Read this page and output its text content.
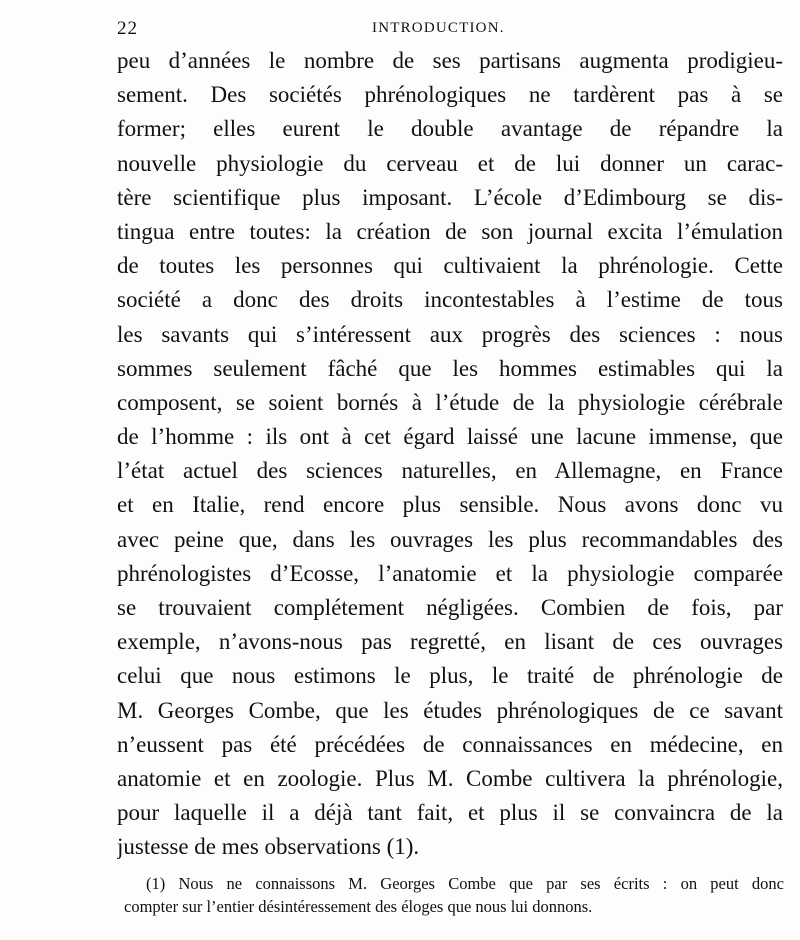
22	INTRODUCTION.
peu d’années le nombre de ses partisans augmenta prodigieu-
sement. Des sociétés phrénologiques ne tardèrent pas à se
former; elles eurent le double avantage de répandre la
nouvelle physiologie du cerveau et de lui donner un carac-
tère scientifique plus imposant. L’école d’Edimbourg se dis-
tingua entre toutes: la création de son journal excita l’émulation
de toutes les personnes qui cultivaient la phrénologie. Cette
société a donc des droits incontestables à l’estime de tous
les savants qui s’intéressent aux progrès des sciences : nous
sommes seulement fâché que les hommes estimables qui la
composent, se soient bornés à l’étude de la physiologie cérébrale
de l’homme : ils ont à cet égard laissé une lacune immense, que
l’état actuel des sciences naturelles, en Allemagne, en France
et en Italie, rend encore plus sensible. Nous avons donc vu
avec peine que, dans les ouvrages les plus recommandables des
phrénologistes d’Ecosse, l’anatomie et la physiologie comparée
se trouvaient complétement négligées. Combien de fois, par
exemple, n’avons-nous pas regretté, en lisant de ces ouvrages
celui que nous estimons le plus, le traité de phrénologie de
M. Georges Combe, que les études phrénologiques de ce savant
n’eussent pas été précédées de connaissances en médecine, en
anatomie et en zoologie. Plus M. Combe cultivera la phrénologie,
pour laquelle il a déjà tant fait, et plus il se convaincra de la
justesse de mes observations (1).
(1) Nous ne connaissons M. Georges Combe que par ses écrits : on peut donc
compter sur l’entier désintéressement des éloges que nous lui donnons.
